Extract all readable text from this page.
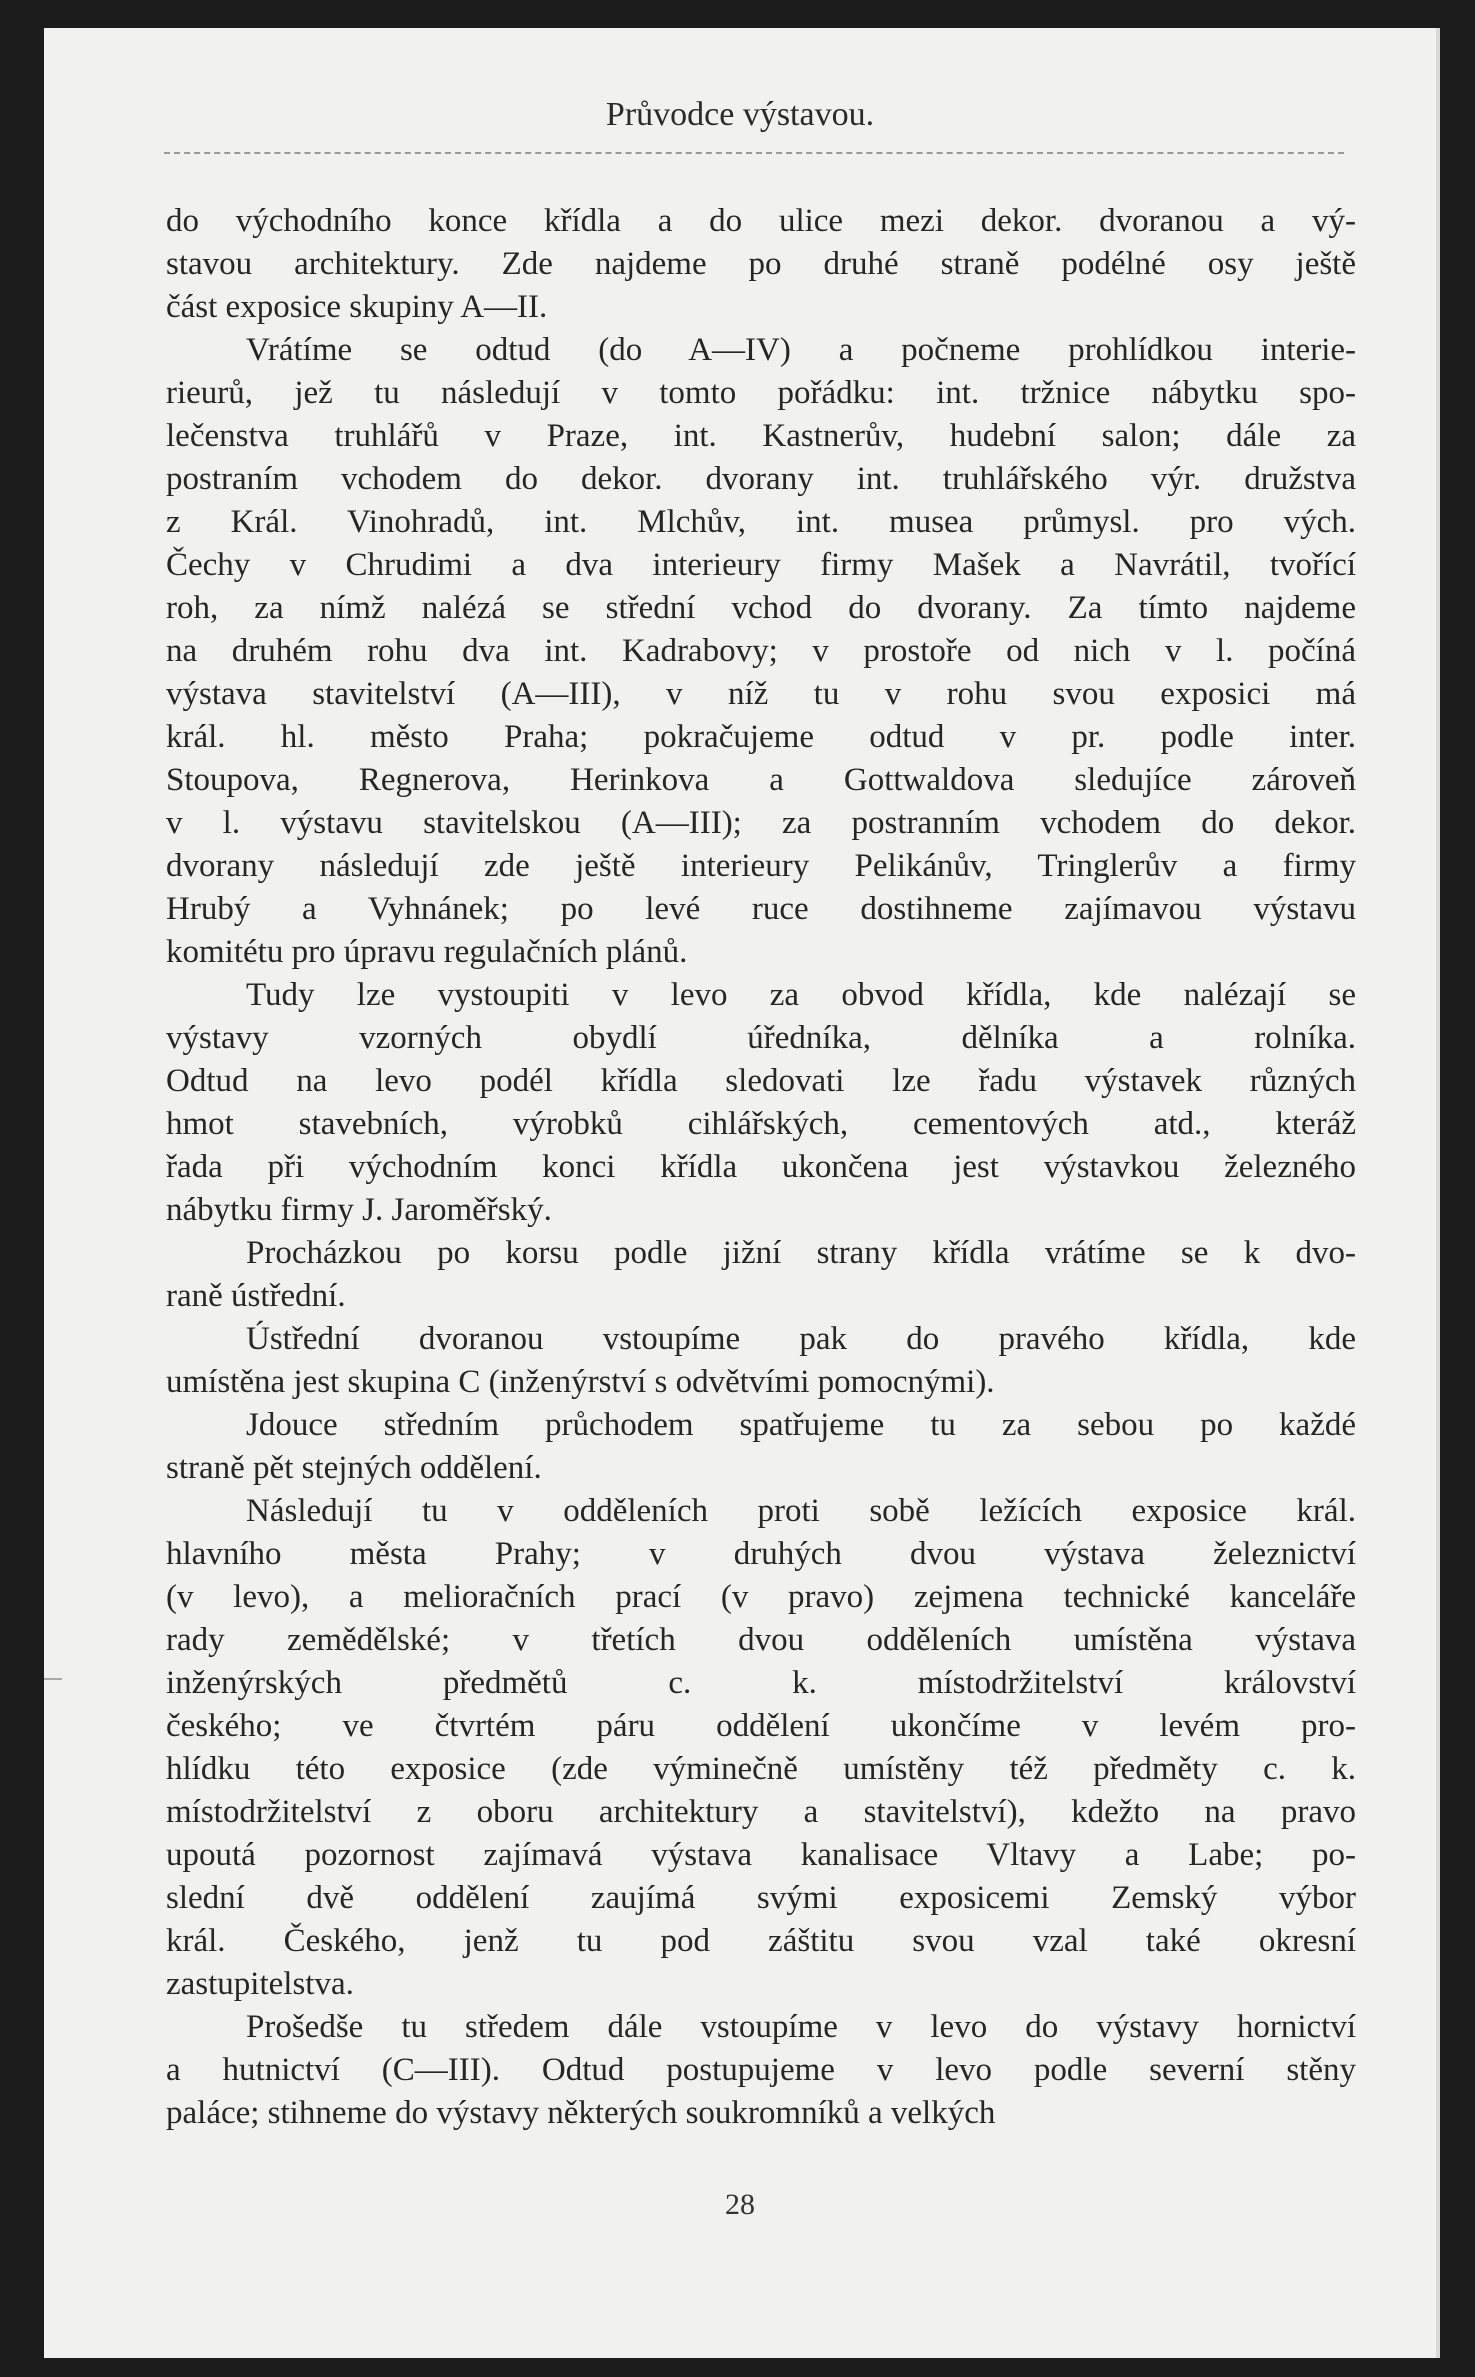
Průvodce výstavou.

do východního konce křídla a do ulice mezi dekor. dvoranou a vý-
stavou architektury. Zde najdeme po druhé straně podélné osy ještě
část exposice skupiny A—II.

Vrátíme se odtud (do A—IV) a počneme prohlídkou interie-
rieurů, jež tu následují v tomto pořádku: int. tržnice nábytku spo-
lečenstva truhlářů v Praze, int. Kastnerův, hudební salon; dále za
postraním vchodem do dekor. dvorany int. truhlářského výr. družstva
z Král. Vinohradů, int. Mlchův, int. musea průmysl. pro vých.
Čechy v Chrudimi a dva interieury firmy Mašek a Navrátil, tvořící
roh, za nímž nalézá se střední vchod do dvorany. Za tímto najdeme
na druhém rohu dva int. Kadrabovy; v prostoře od nich v l. počíná
výstava stavitelství (A—III), v níž tu v rohu svou exposici má
král. hl. město Praha; pokračujeme odtud v pr. podle inter.
Stoupova, Regnerova, Herinkova a Gottwaldova sledujíce zároveň
v l. výstavu stavitelskou (A—III); za postranním vchodem do dekor.
dvorany následují zde ještě interieury Pelikánův, Tringlerův a firmy
Hrubý a Vyhnánek; po levé ruce dostihneme zajímavou výstavu
komitétu pro úpravu regulačních plánů.

Tudy lze vystoupiti v levo za obvod křídla, kde nalézají se
výstavy vzorných obydlí úředníka, dělníka a rolníka.
Odtud na levo podél křídla sledovati lze řadu výstavek různých
hmot stavebních, výrobků cihlářských, cementových atd., kteráž
řada při východním konci křídla ukončena jest výstavkou železného
nábytku firmy J. Jaroměřský.

Procházkou po korsu podle jižní strany křídla vrátíme se k dvo-
raně ústřední.

Ústřední dvoranou vstoupíme pak do pravého křídla, kde
umístěna jest skupina C (inženýrství s odvětvími pomocnými).

Jdouce středním průchodem spatřujeme tu za sebou po každé
straně pět stejných oddělení.

Následují tu v odděleních proti sobě ležících exposice král.
hlavního města Prahy; v druhých dvou výstava železnictví
(v levo), a melioračních prací (v pravo) zejmena technické kanceláře
rady zemědělské; v třetích dvou odděleních umístěna výstava
inženýrských předmětů c. k. místodržitelství království
českého; ve čtvrtém páru oddělení ukončíme v levém pro-
hlídku této exposice (zde výminečně umístěny též předměty c. k.
místodržitelství z oboru architektury a stavitelství), kdežto na pravo
upoutá pozornost zajímavá výstava kanalisace Vltavy a Labe; po-
slední dvě oddělení zaujímá svými exposicemi Zemský výbor
král. Českého, jenž tu pod záštitu svou vzal také okresní
zastupitelstva.

Prošedše tu středem dále vstoupíme v levo do výstavy hornictví
a hutnictví (C—III). Odtud postupujeme v levo podle severní stěny
paláce; stihneme do výstavy některých soukromníků a velkých

28
